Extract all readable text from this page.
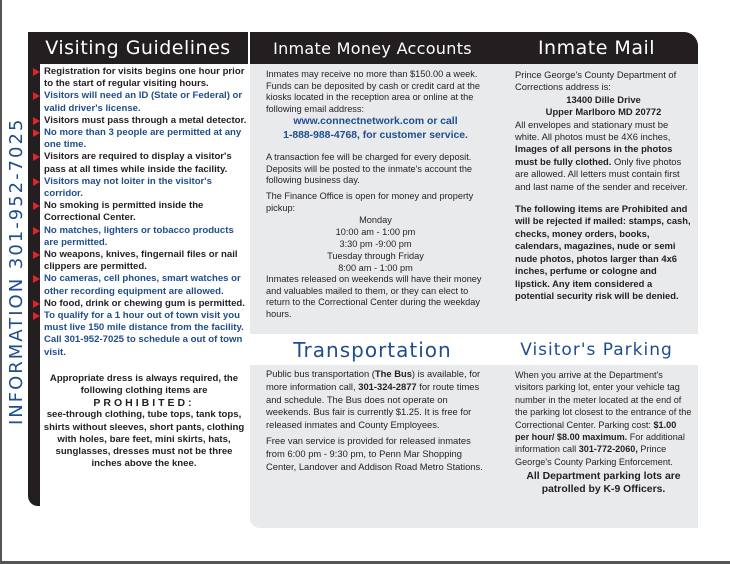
INFORMATION 301-952-7025
Visiting Guidelines	Inmate Money Accounts	Inmate Mail
Registration for visits begins one hour prior to the start of regular visiting hours.
Visitors will need an ID (State or Federal) or valid driver's license.
Visitors must pass through a metal detector.
No more than 3 people are permitted at any one time.
Visitors are required to display a visitor's pass at all times while inside the facility.
Visitors may not loiter in the visitor's corridor.
No smoking is permitted inside the Correctional Center.
No matches, lighters or tobacco products are permitted.
No weapons, knives, fingernail files or nail clippers are permitted.
No cameras, cell phones, smart watches or other recording equipment are allowed.
No food, drink or chewing gum is permitted.
To qualify for a 1 hour out of town visit you must live 150 mile distance from the facility. Call 301-952-7025 to schedule a out of town visit.
Appropriate dress is always required, the following clothing items are
PROHIBITED:
see-through clothing, tube tops, tank tops, shirts without sleeves, short pants, clothing with holes, bare feet, mini skirts, hats, sunglasses, dresses must not be three inches above the knee.
Inmates may receive no more than $150.00 a week. Funds can be deposited by cash or credit card at the kiosks located in the reception area or online at the following email address:
www.connectnetwork.com or call
1-888-988-4768, for customer service.
A transaction fee will be charged for every deposit. Deposits will be posted to the inmate's account the following business day.
The Finance Office is open for money and property pickup:
Monday
10:00 am - 1:00 pm
3:30 pm -9:00 pm
Tuesday through Friday
8:00 am - 1:00 pm
Inmates released on weekends will have their money and valuables mailed to them, or they can elect to return to the Correctional Center during the weekday hours.
Prince George's County Department of Corrections address is:
13400 Dille Drive
Upper Marlboro MD 20772
All envelopes and stationary must be white. All photos must be 4X6 inches, Images of all persons in the photos must be fully clothed. Only five photos are allowed. All letters must contain first and last name of the sender and receiver.
The following items are Prohibited and will be rejected if mailed: stamps, cash, checks, money orders, books, calendars, magazines, nude or semi nude photos, photos larger than 4x6 inches, perfume or cologne and lipstick. Any item considered a potential security risk will be denied.
Transportation	Visitor's Parking
Public bus transportation (The Bus) is available, for more information call, 301-324-2877 for route times and schedule. The Bus does not operate on weekends. Bus fair is currently $1.25. It is free for released inmates and County Employees.
Free van service is provided for released inmates from 6:00 pm - 9:30 pm, to Penn Mar Shopping Center, Landover and Addison Road Metro Stations.
When you arrive at the Department's visitors parking lot, enter your vehicle tag number in the meter located at the end of the parking lot closest to the entrance of the Correctional Center. Parking cost: $1.00 per hour/ $8.00 maximum. For additional information call 301-772-2060, Prince George's County Parking Enforcement.
All Department parking lots are patrolled by K-9 Officers.
